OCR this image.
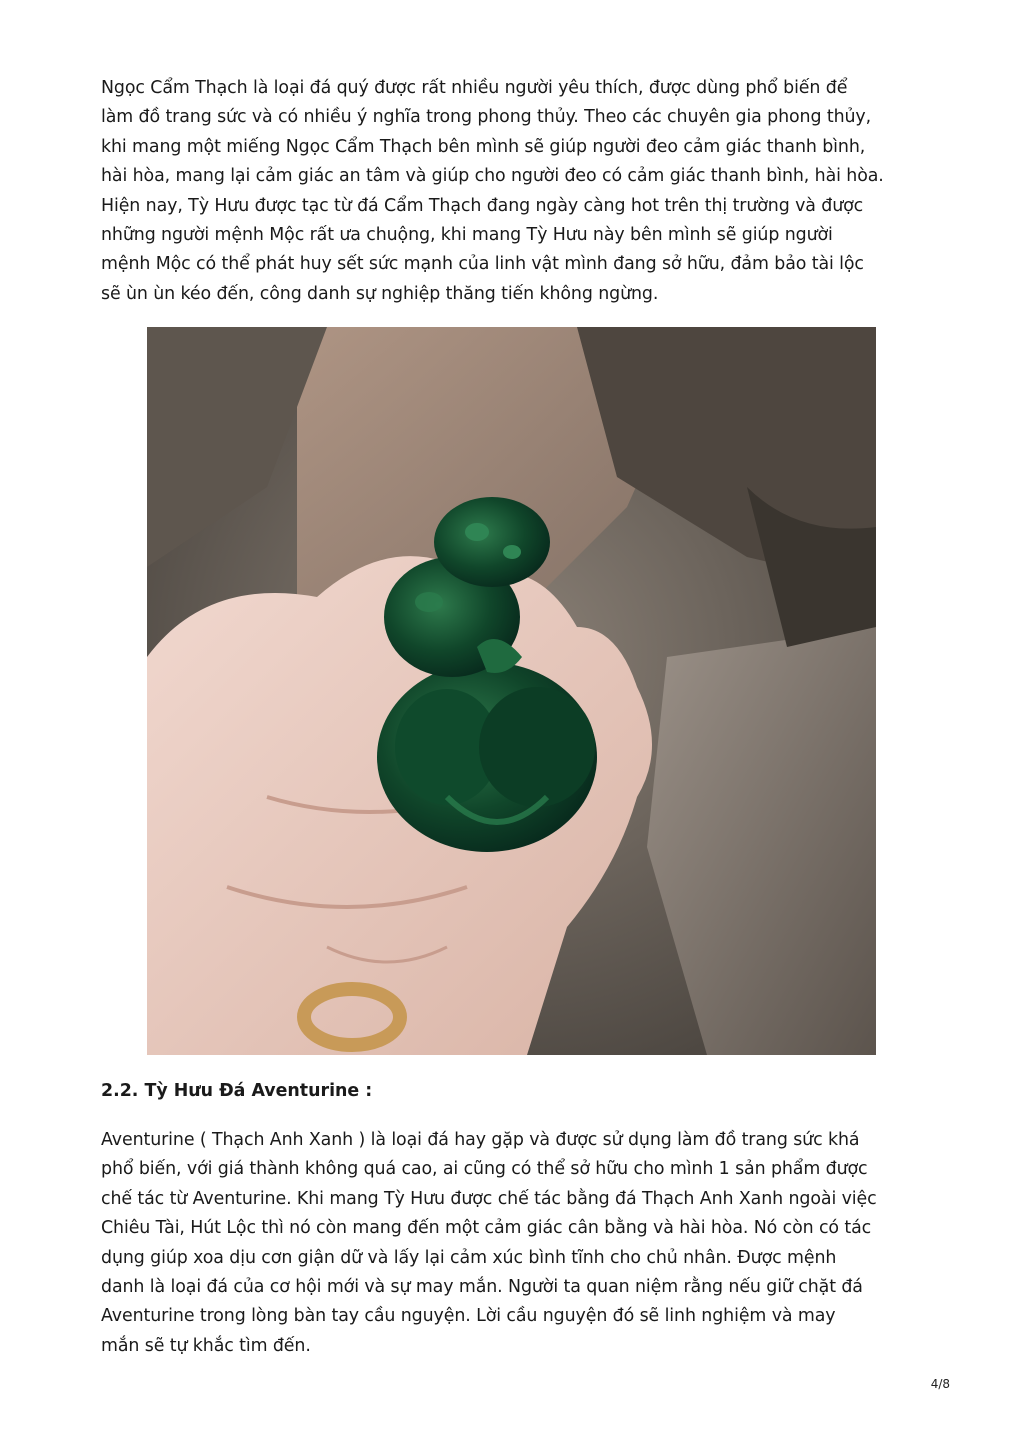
Ngọc Cẩm Thạch là loại đá quý được rất nhiều người yêu thích, được dùng phổ biến để
làm đồ trang sức và có nhiều ý nghĩa trong phong thủy. Theo các chuyên gia phong thủy,
khi mang một miếng Ngọc Cẩm Thạch bên mình sẽ giúp người đeo cảm giác thanh bình,
hài hòa, mang lại cảm giác an tâm và giúp cho người đeo có cảm giác thanh bình, hài hòa.
Hiện nay, Tỳ Hưu được tạc từ đá Cẩm Thạch đang ngày càng hot trên thị trường và được
những người mệnh Mộc rất ưa chuộng, khi mang Tỳ Hưu này bên mình sẽ giúp người
mệnh Mộc có thể phát huy sết sức mạnh của linh vật mình đang sở hữu, đảm bảo tài lộc
sẽ ùn ùn kéo đến, công danh sự nghiệp thăng tiến không ngừng.

2.2. Tỳ Hưu Đá Aventurine :

Aventurine ( Thạch Anh Xanh ) là loại đá hay gặp và được sử dụng làm đồ trang sức khá
phổ biến, với giá thành không quá cao, ai cũng có thể sở hữu cho mình 1 sản phẩm được
chế tác từ Aventurine. Khi mang Tỳ Hưu được chế tác bằng đá Thạch Anh Xanh ngoài việc
Chiêu Tài, Hút Lộc thì nó còn mang đến một cảm giác cân bằng và hài hòa. Nó còn có tác
dụng giúp xoa dịu cơn giận dữ và lấy lại cảm xúc bình tĩnh cho chủ nhân. Được mệnh
danh là loại đá của cơ hội mới và sự may mắn. Người ta quan niệm rằng nếu giữ chặt đá
Aventurine trong lòng bàn tay cầu nguyện. Lời cầu nguyện đó sẽ linh nghiệm và may
mắn sẽ tự khắc tìm đến.

4/8
